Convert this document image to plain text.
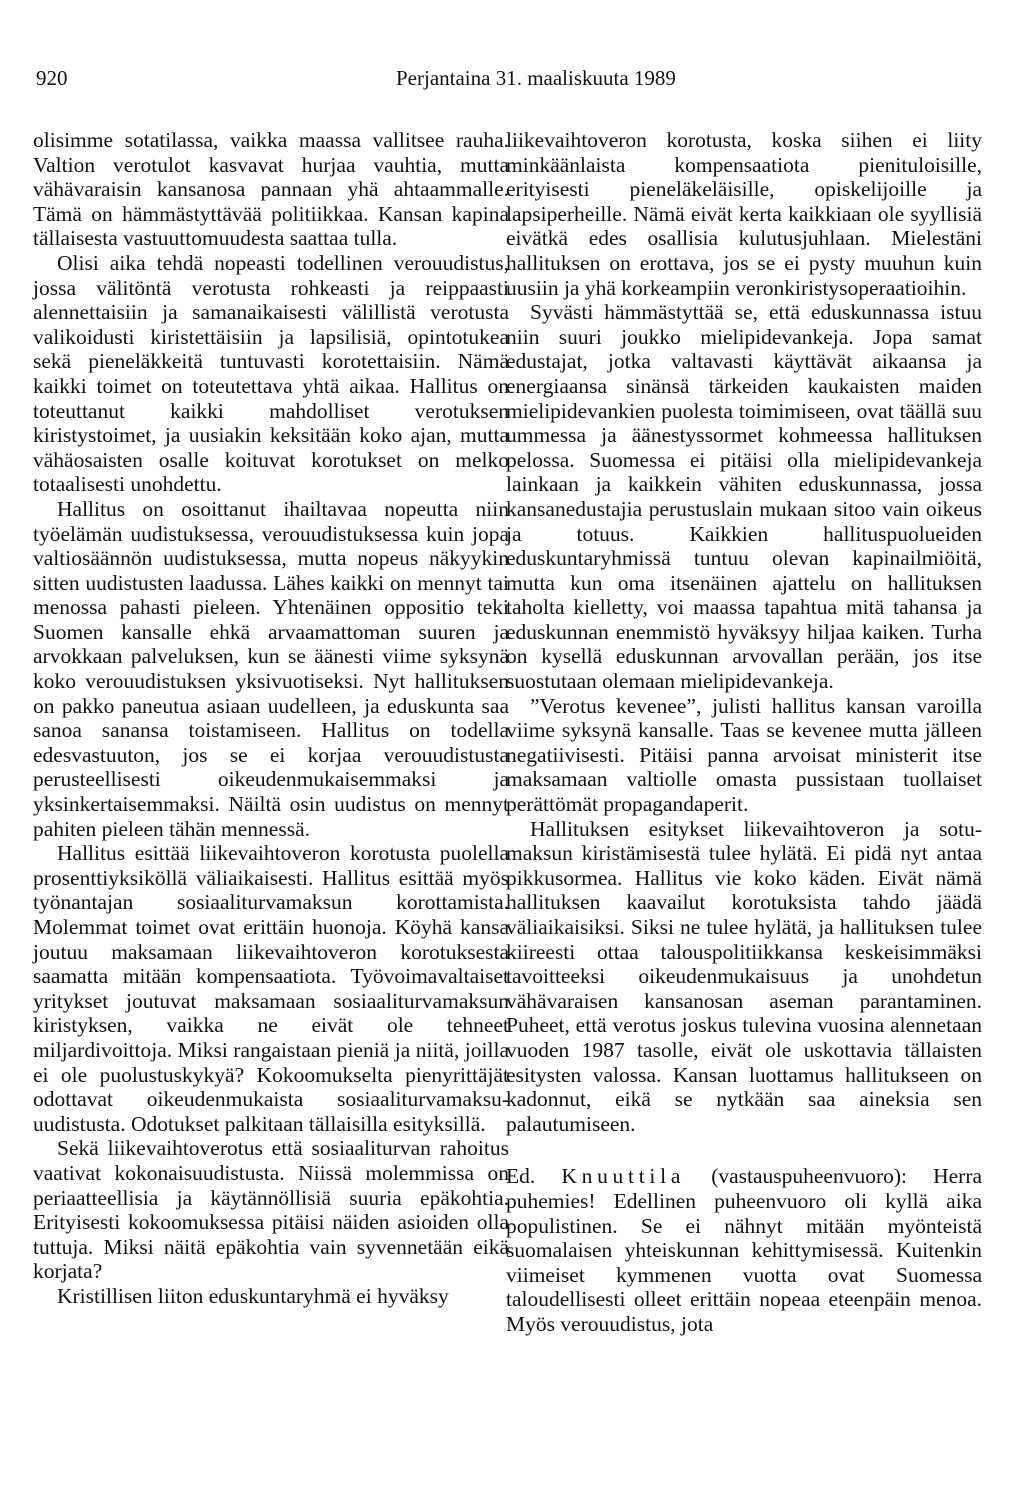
920	Perjantaina 31. maaliskuuta 1989

olisimme sotatilassa, vaikka maassa vallitsee rauha. Valtion verotulot kasvavat hurjaa vauhtia, mutta vähävaraisin kansanosa pannaan yhä ahtaammalle. Tämä on hämmästyttävää politiikkaa. Kansan kapina tällaisesta vastuuttomuudesta saattaa tulla.

Olisi aika tehdä nopeasti todellinen verouudistus, jossa välitöntä verotusta rohkeasti ja reippaasti alennettaisiin ja samanaikaisesti välillistä verotusta valikoidusti kiristettäisiin ja lapsilisiä, opintotukea sekä pieneläkkeitä tuntuvasti korotettaisiin. Nämä kaikki toimet on toteutettava yhtä aikaa. Hallitus on toteuttanut kaikki mahdolliset verotuksen kiristystoimet, ja uusiakin keksitään koko ajan, mutta vähäosaisten osalle koituvat korotukset on melko totaalisesti unohdettu.

Hallitus on osoittanut ihailtavaa nopeutta niin työelämän uudistuksessa, verouudistuksessa kuin jopa valtiosäännön uudistuksessa, mutta nopeus näkyykin sitten uudistusten laadussa. Lähes kaikki on mennyt tai menossa pahasti pieleen. Yhtenäinen oppositio teki Suomen kansalle ehkä arvaamattoman suuren ja arvokkaan palveluksen, kun se äänesti viime syksynä koko verouudistuksen yksivuotiseksi. Nyt hallituksen on pakko paneutua asiaan uudelleen, ja eduskunta saa sanoa sanansa toistamiseen. Hallitus on todella edesvastuuton, jos se ei korjaa verouudistusta perusteellisesti oikeudenmukaisemmaksi ja yksinkertaisemmaksi. Näiltä osin uudistus on mennyt pahiten pieleen tähän mennessä.

Hallitus esittää liikevaihtoveron korotusta puolella prosenttiyksiköllä väliaikaisesti. Hallitus esittää myös työnantajan sosiaaliturvamaksun korottamista. Molemmat toimet ovat erittäin huonoja. Köyhä kansa joutuu maksamaan liikevaihtoveron korotuksesta saamatta mitään kompensaatiota. Työvoimavaltaiset yritykset joutuvat maksamaan sosiaaliturvamaksun kiristyksen, vaikka ne eivät ole tehneet miljardivoittoja. Miksi rangaistaan pieniä ja niitä, joilla ei ole puolustuskykyä? Kokoomukselta pienyrittäjät odottavat oikeudenmukaista sosiaaliturvamaksu-uudistusta. Odotukset palkitaan tällaisilla esityksillä.

Sekä liikevaihtoverotus että sosiaaliturvan rahoitus vaativat kokonaisuudistusta. Niissä molemmissa on periaatteellisia ja käytännöllisiä suuria epäkohtia. Erityisesti kokoomuksessa pitäisi näiden asioiden olla tuttuja. Miksi näitä epäkohtia vain syvennetään eikä korjata?

Kristillisen liiton eduskuntaryhmä ei hyväksy

liikevaihtoveron korotusta, koska siihen ei liity minkäänlaista kompensaatiota pienituloisille, erityisesti pieneläkeläisille, opiskelijoille ja lapsiperheille. Nämä eivät kerta kaikkiaan ole syyllisiä eivätkä edes osallisia kulutusjuhlaan. Mielestäni hallituksen on erottava, jos se ei pysty muuhun kuin uusiin ja yhä korkeampiin veronkiristysoperaatioihin.

Syvästi hämmästyttää se, että eduskunnassa istuu niin suuri joukko mielipidevankeja. Jopa samat edustajat, jotka valtavasti käyttävät aikaansa ja energiaansa sinänsä tärkeiden kaukaisten maiden mielipidevankien puolesta toimimiseen, ovat täällä suu ummessa ja äänestyssormet kohmeessa hallituksen pelossa. Suomessa ei pitäisi olla mielipidevankeja lainkaan ja kaikkein vähiten eduskunnassa, jossa kansanedustajia perustuslain mukaan sitoo vain oikeus ja totuus. Kaikkien hallituspuolueiden eduskuntaryhmissä tuntuu olevan kapinailmiöitä, mutta kun oma itsenäinen ajattelu on hallituksen taholta kielletty, voi maassa tapahtua mitä tahansa ja eduskunnan enemmistö hyväksyy hiljaa kaiken. Turha on kysellä eduskunnan arvovallan perään, jos itse suostutaan olemaan mielipidevankeja.

”Verotus kevenee”, julisti hallitus kansan varoilla viime syksynä kansalle. Taas se kevenee mutta jälleen negatiivisesti. Pitäisi panna arvoisat ministerit itse maksamaan valtiolle omasta pussistaan tuollaiset perättömät propagandaperit.

Hallituksen esitykset liikevaihtoveron ja sotu-maksun kiristämisestä tulee hylätä. Ei pidä nyt antaa pikkusormea. Hallitus vie koko käden. Eivät nämä hallituksen kaavailut korotuksista tahdo jäädä väliaikaisiksi. Siksi ne tulee hylätä, ja hallituksen tulee kiireesti ottaa talouspolitiikkansa keskeisimmäksi tavoitteeksi oikeudenmukaisuus ja unohdetun vähävaraisen kansanosan aseman parantaminen. Puheet, että verotus joskus tulevina vuosina alennetaan vuoden 1987 tasolle, eivät ole uskottavia tällaisten esitysten valossa. Kansan luottamus hallitukseen on kadonnut, eikä se nytkään saa aineksia sen palautumiseen.

Ed. Knuuttila (vastauspuheenvuoro): Herra puhemies! Edellinen puheenvuoro oli kyllä aika populistinen. Se ei nähnyt mitään myönteistä suomalaisen yhteiskunnan kehittymisessä. Kuitenkin viimeiset kymmenen vuotta ovat Suomessa taloudellisesti olleet erittäin nopeaa eteenpäin menoa. Myös verouudistus, jota
